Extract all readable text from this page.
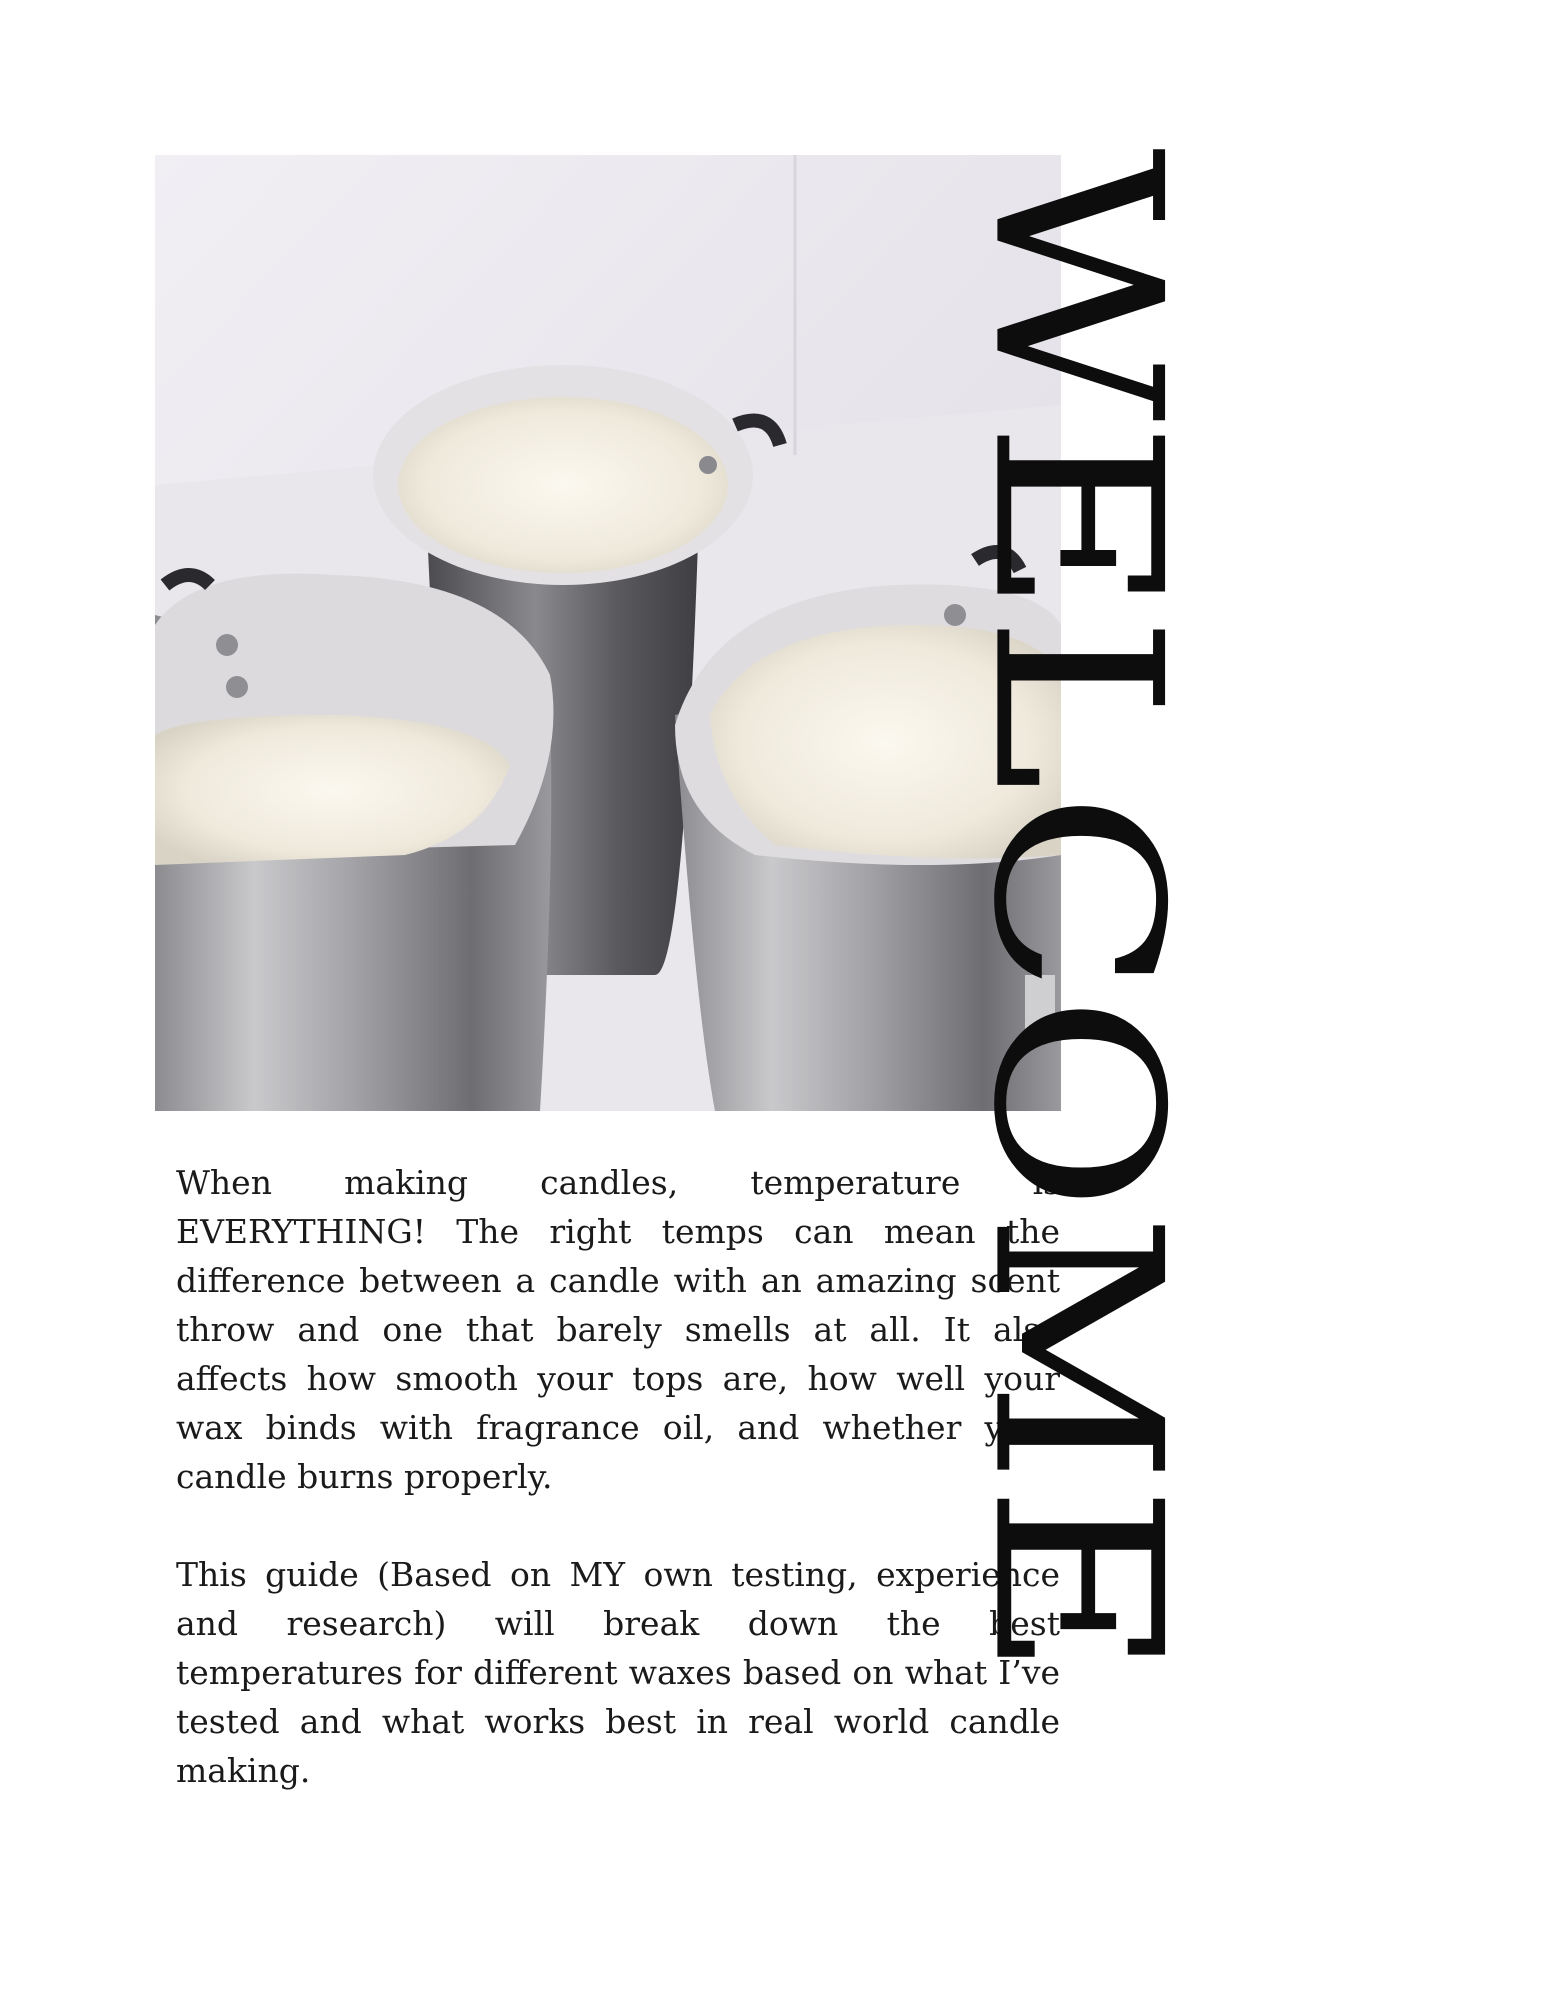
When making candles, temperature is EVERYTHING! The right temps can mean the difference between a candle with an amazing scent throw and one that barely smells at all. It also affects how smooth your tops are, how well your wax binds with fragrance oil, and whether your candle burns properly.

This guide (Based on MY own testing, experience and research) will break down the best temperatures for different waxes based on what I’ve tested and what works best in real world candle making.

WELCOME
